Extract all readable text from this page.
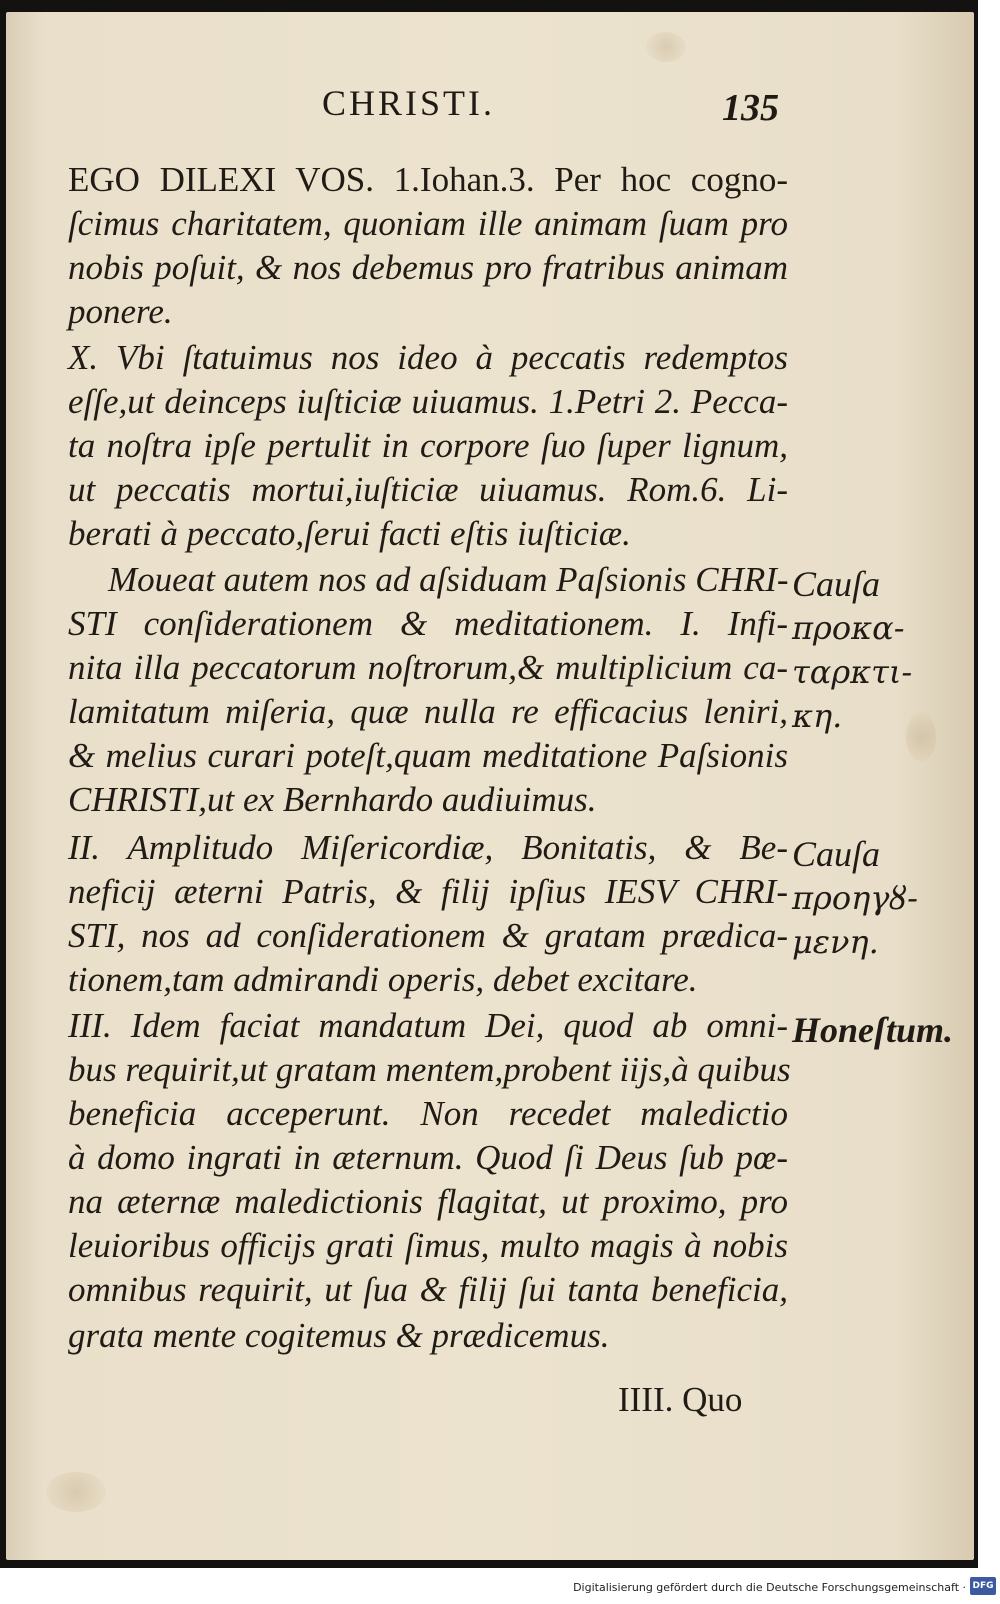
CHRISTI.	135
EGO DILEXI VOS. 1.Iohan.3. Per hoc cogno-
ſcimus charitatem, quoniam ille animam ſuam pro
nobis poſuit, & nos debemus pro fratribus animam
ponere.
X. Vbi ſtatuimus nos ideo à peccatis redemptos
eſſe,ut deinceps iuſticiæ uiuamus. 1.Petri 2. Pecca-
ta noſtra ipſe pertulit in corpore ſuo ſuper lignum,
ut peccatis mortui,iuſticiæ uiuamus. Rom.6. Li-
berati à peccato,ſerui facti eſtis iuſticiæ.
Moueat autem nos ad aſsiduam Paſsionis CHRI-
STI conſiderationem & meditationem. I. Infi-
nita illa peccatorum noſtrorum,& multiplicium ca-
lamitatum miſeria, quæ nulla re efficacius leniri,
& melius curari poteſt,quam meditatione Paſsionis
CHRISTI,ut ex Bernhardo audiuimus.
II. Amplitudo Miſericordiæ, Bonitatis, & Be-
neficij æterni Patris, & filij ipſius IESV CHRI-
STI, nos ad conſiderationem & gratam prædica-
tionem,tam admirandi operis, debet excitare.
III. Idem faciat mandatum Dei, quod ab omni-
bus requirit,ut gratam mentem,probent iijs,à quibus
beneficia acceperunt. Non recedet maledictio
à domo ingrati in æternum. Quod ſi Deus ſub pœ-
na æternæ maledictionis flagitat, ut proximo, pro
leuioribus officijs grati ſimus, multo magis à nobis
omnibus requirit, ut ſua & filij ſui tanta beneficia,
grata mente cogitemus & prædicemus.
Cauſa
προκα-
ταρκτι-
κη.
Cauſa
προηγȣ-
μενη.
Honeſtum.
IIII. Quo
Digitalisierung gefördert durch die Deutsche Forschungsgemeinschaft · DFG
